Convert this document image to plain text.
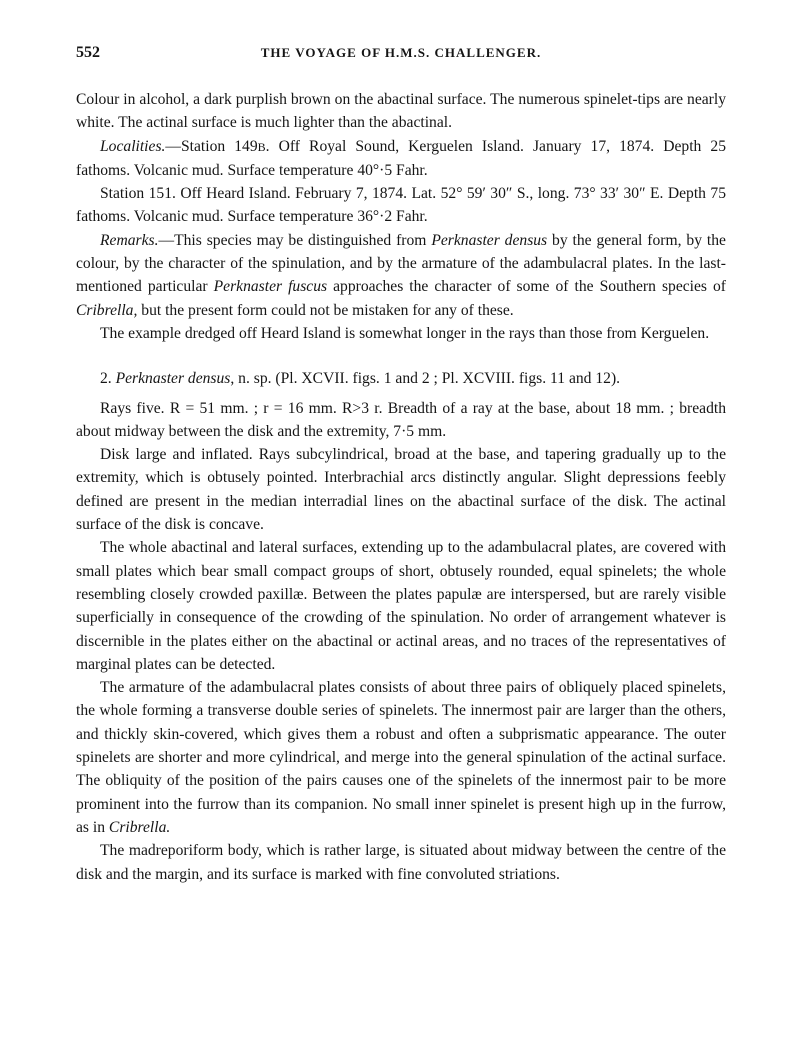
552	THE VOYAGE OF H.M.S. CHALLENGER.

Colour in alcohol, a dark purplish brown on the abactinal surface. The numerous spinelet-tips are nearly white. The actinal surface is much lighter than the abactinal.

Localities.—Station 149B. Off Royal Sound, Kerguelen Island. January 17, 1874. Depth 25 fathoms. Volcanic mud. Surface temperature 40°·5 Fahr.

Station 151. Off Heard Island. February 7, 1874. Lat. 52° 59′ 30″ S., long. 73° 33′ 30″ E. Depth 75 fathoms. Volcanic mud. Surface temperature 36°·2 Fahr.

Remarks.—This species may be distinguished from Perknaster densus by the general form, by the colour, by the character of the spinulation, and by the armature of the adambulacral plates. In the last-mentioned particular Perknaster fuscus approaches the character of some of the Southern species of Cribrella, but the present form could not be mistaken for any of these.

The example dredged off Heard Island is somewhat longer in the rays than those from Kerguelen.

2. Perknaster densus, n. sp. (Pl. XCVII. figs. 1 and 2 ; Pl. XCVIII. figs. 11 and 12).

Rays five. R = 51 mm. ; r = 16 mm. R>3 r. Breadth of a ray at the base, about 18 mm. ; breadth about midway between the disk and the extremity, 7·5 mm.

Disk large and inflated. Rays subcylindrical, broad at the base, and tapering gradually up to the extremity, which is obtusely pointed. Interbrachial arcs distinctly angular. Slight depressions feebly defined are present in the median interradial lines on the abactinal surface of the disk. The actinal surface of the disk is concave.

The whole abactinal and lateral surfaces, extending up to the adambulacral plates, are covered with small plates which bear small compact groups of short, obtusely rounded, equal spinelets; the whole resembling closely crowded paxillæ. Between the plates papulæ are interspersed, but are rarely visible superficially in consequence of the crowding of the spinulation. No order of arrangement whatever is discernible in the plates either on the abactinal or actinal areas, and no traces of the representatives of marginal plates can be detected.

The armature of the adambulacral plates consists of about three pairs of obliquely placed spinelets, the whole forming a transverse double series of spinelets. The innermost pair are larger than the others, and thickly skin-covered, which gives them a robust and often a subprismatic appearance. The outer spinelets are shorter and more cylindrical, and merge into the general spinulation of the actinal surface. The obliquity of the position of the pairs causes one of the spinelets of the innermost pair to be more prominent into the furrow than its companion. No small inner spinelet is present high up in the furrow, as in Cribrella.

The madreporiform body, which is rather large, is situated about midway between the centre of the disk and the margin, and its surface is marked with fine convoluted striations.
